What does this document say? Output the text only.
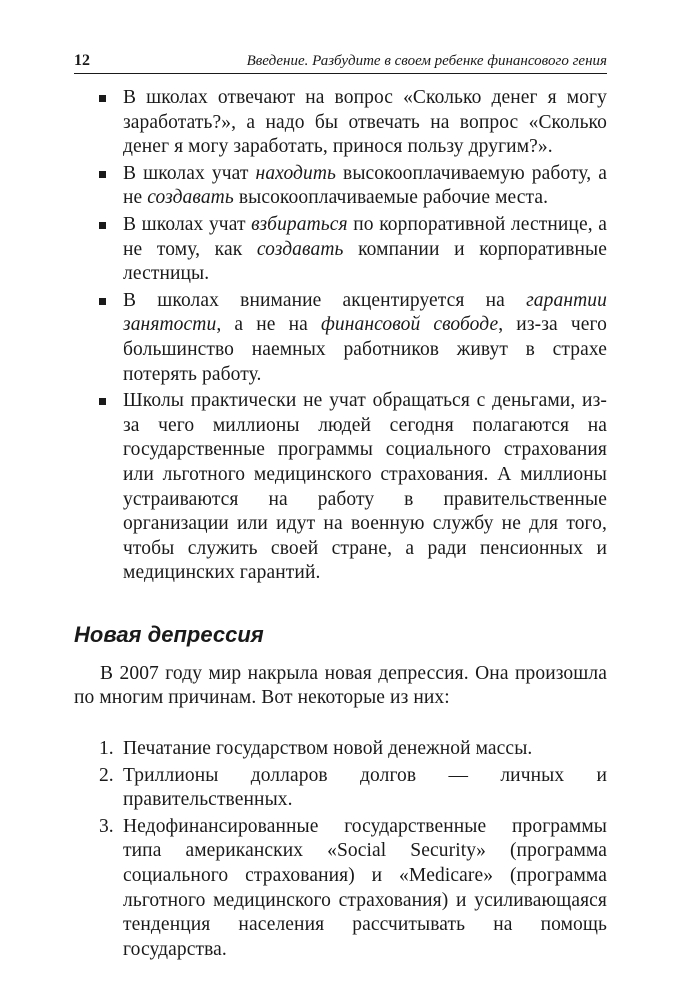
12	Введение. Разбудите в своем ребенке финансового гения
В школах отвечают на вопрос «Сколько денег я могу заработать?», а надо бы отвечать на вопрос «Сколько денег я могу заработать, принося пользу другим?».
В школах учат находить высокооплачиваемую работу, а не создавать высокооплачиваемые рабочие места.
В школах учат взбираться по корпоративной лестнице, а не тому, как создавать компании и корпоративные лестницы.
В школах внимание акцентируется на гарантии занятости, а не на финансовой свободе, из-за чего большинство наемных работников живут в страхе потерять работу.
Школы практически не учат обращаться с деньгами, из-за чего миллионы людей сегодня полагаются на государственные программы социального страхования или льготного медицинского страхования. А миллионы устраиваются на работу в правительственные организации или идут на военную службу не для того, чтобы служить своей стране, а ради пенсионных и медицинских гарантий.
Новая депрессия

В 2007 году мир накрыла новая депрессия. Она произошла по многим причинам. Вот некоторые из них:

1. Печатание государством новой денежной массы.
2. Триллионы долларов долгов — личных и правительственных.
3. Недофинансированные государственные программы типа американских «Social Security» (программа социального страхования) и «Medicare» (программа льготного медицинского страхования) и усиливающаяся тенденция населения рассчитывать на помощь государства.
